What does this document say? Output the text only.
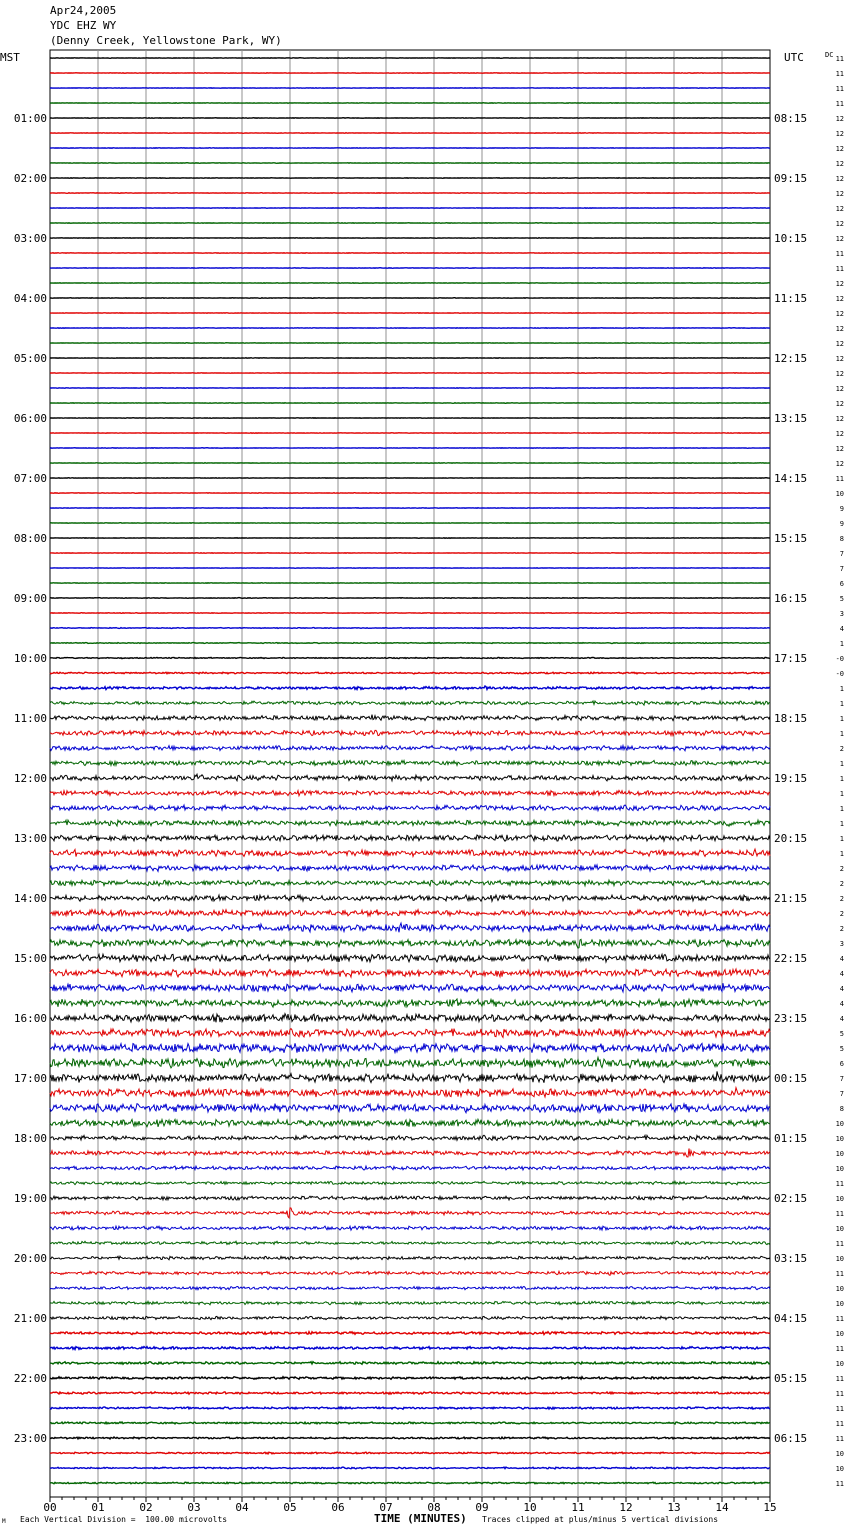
Apr24,2005
YDC EHZ WY
(Denny Creek, Yellowstone Park, WY)
01:00
02:00
03:00
04:00
05:00
06:00
07:00
08:00
09:00
10:00
11:00
12:00
13:00
14:00
15:00
16:00
17:00
18:00
19:00
20:00
21:00
22:00
23:00
08:15
09:15
10:15
11:15
12:15
13:15
14:15
15:15
16:15
17:15
18:15
19:15
20:15
21:15
22:15
23:15
00:15
01:15
02:15
03:15
04:15
05:15
06:15
MST	UTC	DC 11
11
11
11
12
12
12
12
12
12
12
12
12
11
11
12
12
12
12
12
12
12
12
12
12
12
12
12
11
10
9
9
8
7
7
6
5
3
4
1
-0
-0
1
1
1
1
2
1
1
1
1
1
1
1
2
2
2
2
2
3
4
4
4
4
4
5
5
6
7
7
8
10
10
10
10
11
10
11
10
11
10
11
10
10
11
10
11
10
11
11
11
11
11
10
10
11
00	01	02	03	04	05	06	07	08	09	10	11	12	13	14	15
Each Vertical Division =  100.00 microvolts	TIME (MINUTES) Traces clipped at plus/minus 5 vertical divisions
M
